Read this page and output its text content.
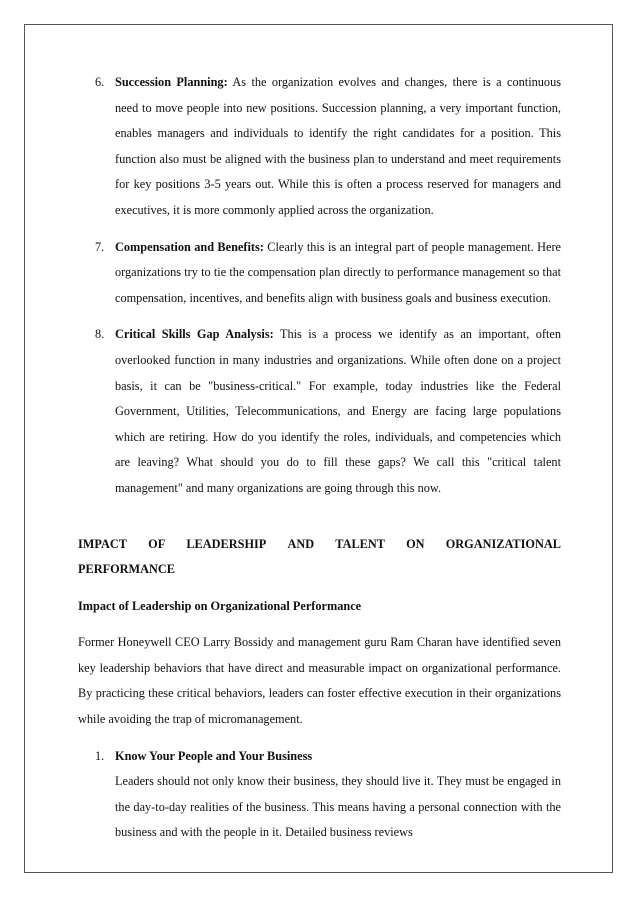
6. Succession Planning: As the organization evolves and changes, there is a continuous need to move people into new positions. Succession planning, a very important function, enables managers and individuals to identify the right candidates for a position. This function also must be aligned with the business plan to understand and meet requirements for key positions 3-5 years out. While this is often a process reserved for managers and executives, it is more commonly applied across the organization.

7. Compensation and Benefits: Clearly this is an integral part of people management. Here organizations try to tie the compensation plan directly to performance management so that compensation, incentives, and benefits align with business goals and business execution.

8. Critical Skills Gap Analysis: This is a process we identify as an important, often overlooked function in many industries and organizations. While often done on a project basis, it can be "business-critical." For example, today industries like the Federal Government, Utilities, Telecommunications, and Energy are facing large populations which are retiring. How do you identify the roles, individuals, and competencies which are leaving? What should you do to fill these gaps? We call this "critical talent management" and many organizations are going through this now.

IMPACT OF LEADERSHIP AND TALENT ON ORGANIZATIONAL
PERFORMANCE

Impact of Leadership on Organizational Performance

Former Honeywell CEO Larry Bossidy and management guru Ram Charan have identified seven key leadership behaviors that have direct and measurable impact on organizational performance. By practicing these critical behaviors, leaders can foster effective execution in their organizations while avoiding the trap of micromanagement.

1. Know Your People and Your Business
Leaders should not only know their business, they should live it. They must be engaged in the day-to-day realities of the business. This means having a personal connection with the business and with the people in it. Detailed business reviews
